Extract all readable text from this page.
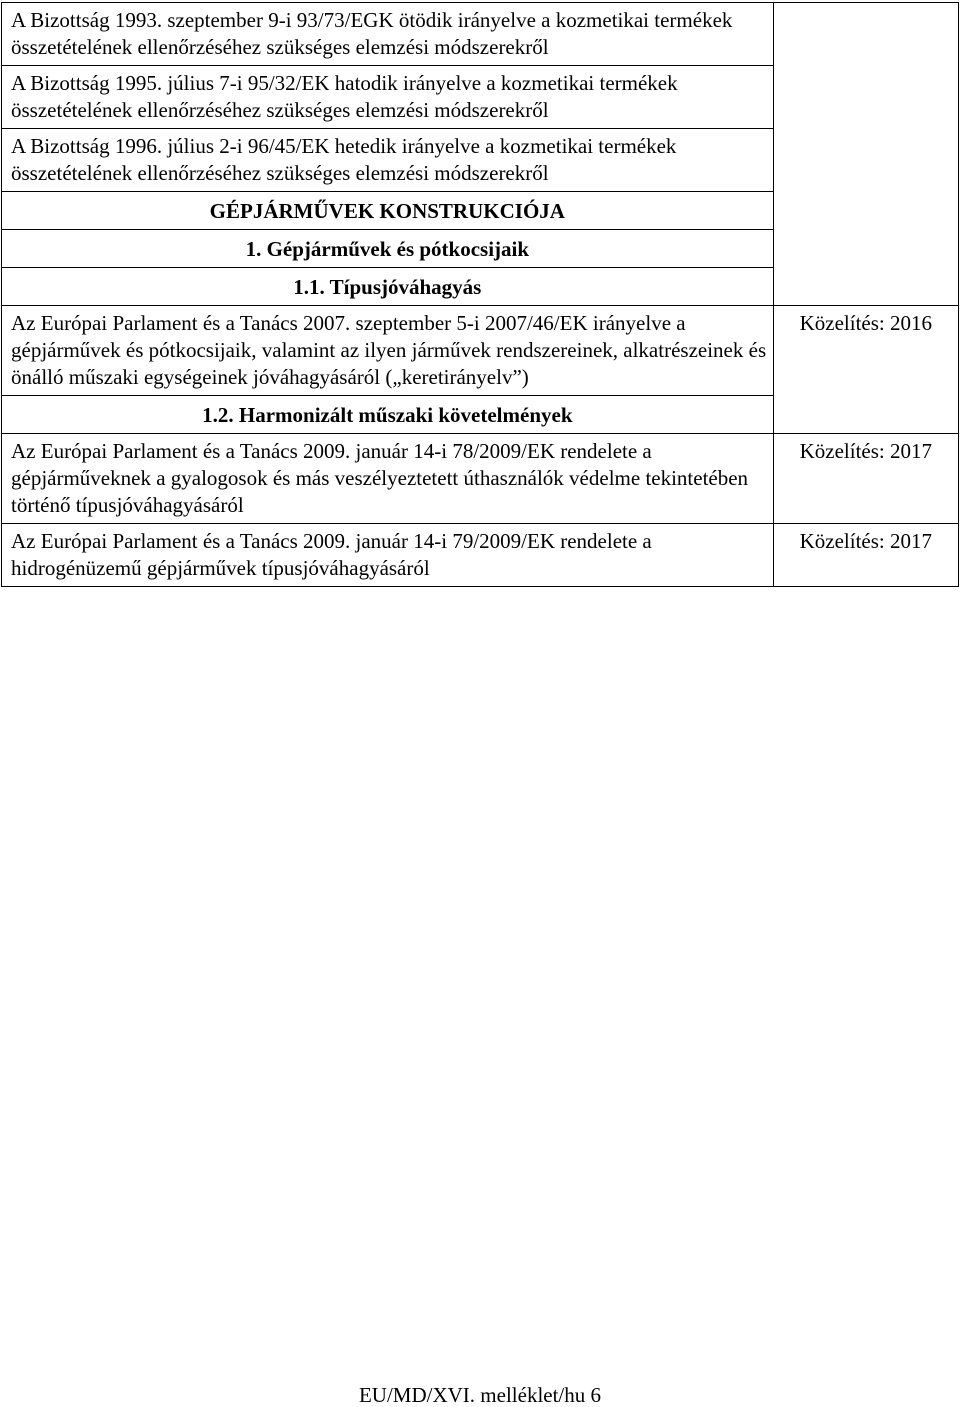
A Bizottság 1993. szeptember 9-i 93/73/EGK ötödik irányelve a kozmetikai termékek összetételének ellenőrzéséhez szükséges elemzési módszerekről	
A Bizottság 1995. július 7-i 95/32/EK hatodik irányelve a kozmetikai termékek összetételének ellenőrzéséhez szükséges elemzési módszerekről	
A Bizottság 1996. július 2-i 96/45/EK hetedik irányelve a kozmetikai termékek összetételének ellenőrzéséhez szükséges elemzési módszerekről	
GÉPJÁRMŰVEK KONSTRUKCIÓJA	
1. Gépjárművek és pótkocsijaik	
1.1. Típusjóváhagyás	
Az Európai Parlament és a Tanács 2007. szeptember 5-i 2007/46/EK irányelve a gépjárművek és pótkocsijaik, valamint az ilyen járművek rendszereinek, alkatrészeinek és önálló műszaki egységeinek jóváhagyásáról („keretirányelv”)	Közelítés: 2016

1.2. Harmonizált műszaki követelmények	
Az Európai Parlament és a Tanács 2009. január 14-i 78/2009/EK rendelete a gépjárműveknek a gyalogosok és más veszélyeztetett úthasználók védelme tekintetében történő típusjóváhagyásáról	Közelítés: 2017

Az Európai Parlament és a Tanács 2009. január 14-i 79/2009/EK rendelete a hidrogénüzemű gépjárművek típusjóváhagyásáról	Közelítés: 2017
EU/MD/XVI. melléklet/hu 6
